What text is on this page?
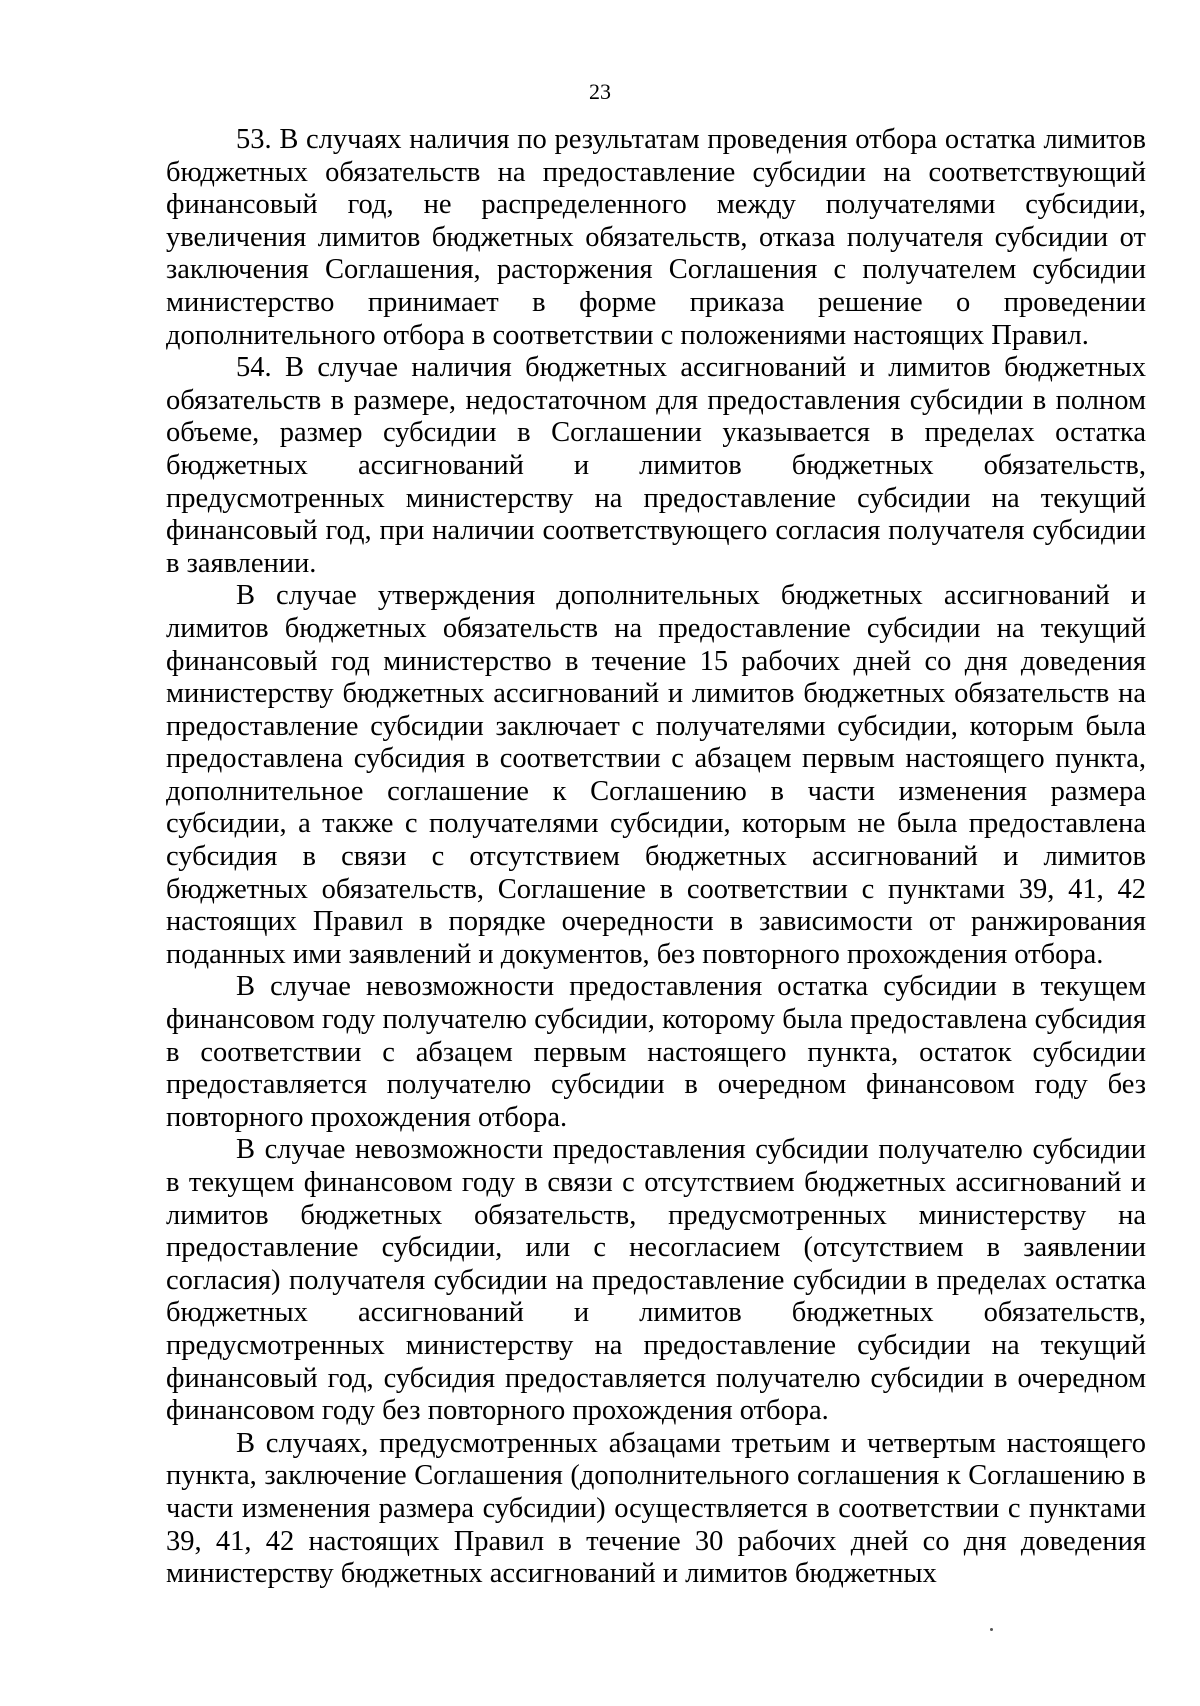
23

53. В случаях наличия по результатам проведения отбора остатка лимитов бюджетных обязательств на предоставление субсидии на соответствующий финансовый год, не распределенного между получателями субсидии, увеличения лимитов бюджетных обязательств, отказа получателя субсидии от заключения Соглашения, расторжения Соглашения с получателем субсидии министерство принимает в форме приказа решение о проведении дополнительного отбора в соответствии с положениями настоящих Правил.

54. В случае наличия бюджетных ассигнований и лимитов бюджетных обязательств в размере, недостаточном для предоставления субсидии в полном объеме, размер субсидии в Соглашении указывается в пределах остатка бюджетных ассигнований и лимитов бюджетных обязательств, предусмотренных министерству на предоставление субсидии на текущий финансовый год, при наличии соответствующего согласия получателя субсидии в заявлении.

В случае утверждения дополнительных бюджетных ассигнований и лимитов бюджетных обязательств на предоставление субсидии на текущий финансовый год министерство в течение 15 рабочих дней со дня доведения министерству бюджетных ассигнований и лимитов бюджетных обязательств на предоставление субсидии заключает с получателями субсидии, которым была предоставлена субсидия в соответствии с абзацем первым настоящего пункта, дополнительное соглашение к Соглашению в части изменения размера субсидии, а также с получателями субсидии, которым не была предоставлена субсидия в связи с отсутствием бюджетных ассигнований и лимитов бюджетных обязательств, Соглашение в соответствии с пунктами 39, 41, 42 настоящих Правил в порядке очередности в зависимости от ранжирования поданных ими заявлений и документов, без повторного прохождения отбора.

В случае невозможности предоставления остатка субсидии в текущем финансовом году получателю субсидии, которому была предоставлена субсидия в соответствии с абзацем первым настоящего пункта, остаток субсидии предоставляется получателю субсидии в очередном финансовом году без повторного прохождения отбора.

В случае невозможности предоставления субсидии получателю субсидии в текущем финансовом году в связи с отсутствием бюджетных ассигнований и лимитов бюджетных обязательств, предусмотренных министерству на предоставление субсидии, или с несогласием (отсутствием в заявлении согласия) получателя субсидии на предоставление субсидии в пределах остатка бюджетных ассигнований и лимитов бюджетных обязательств, предусмотренных министерству на предоставление субсидии на текущий финансовый год, субсидия предоставляется получателю субсидии в очередном финансовом году без повторного прохождения отбора.

В случаях, предусмотренных абзацами третьим и четвертым настоящего пункта, заключение Соглашения (дополнительного соглашения к Соглашению в части изменения размера субсидии) осуществляется в соответствии с пунктами 39, 41, 42 настоящих Правил в течение 30 рабочих дней со дня доведения министерству бюджетных ассигнований и лимитов бюджетных
